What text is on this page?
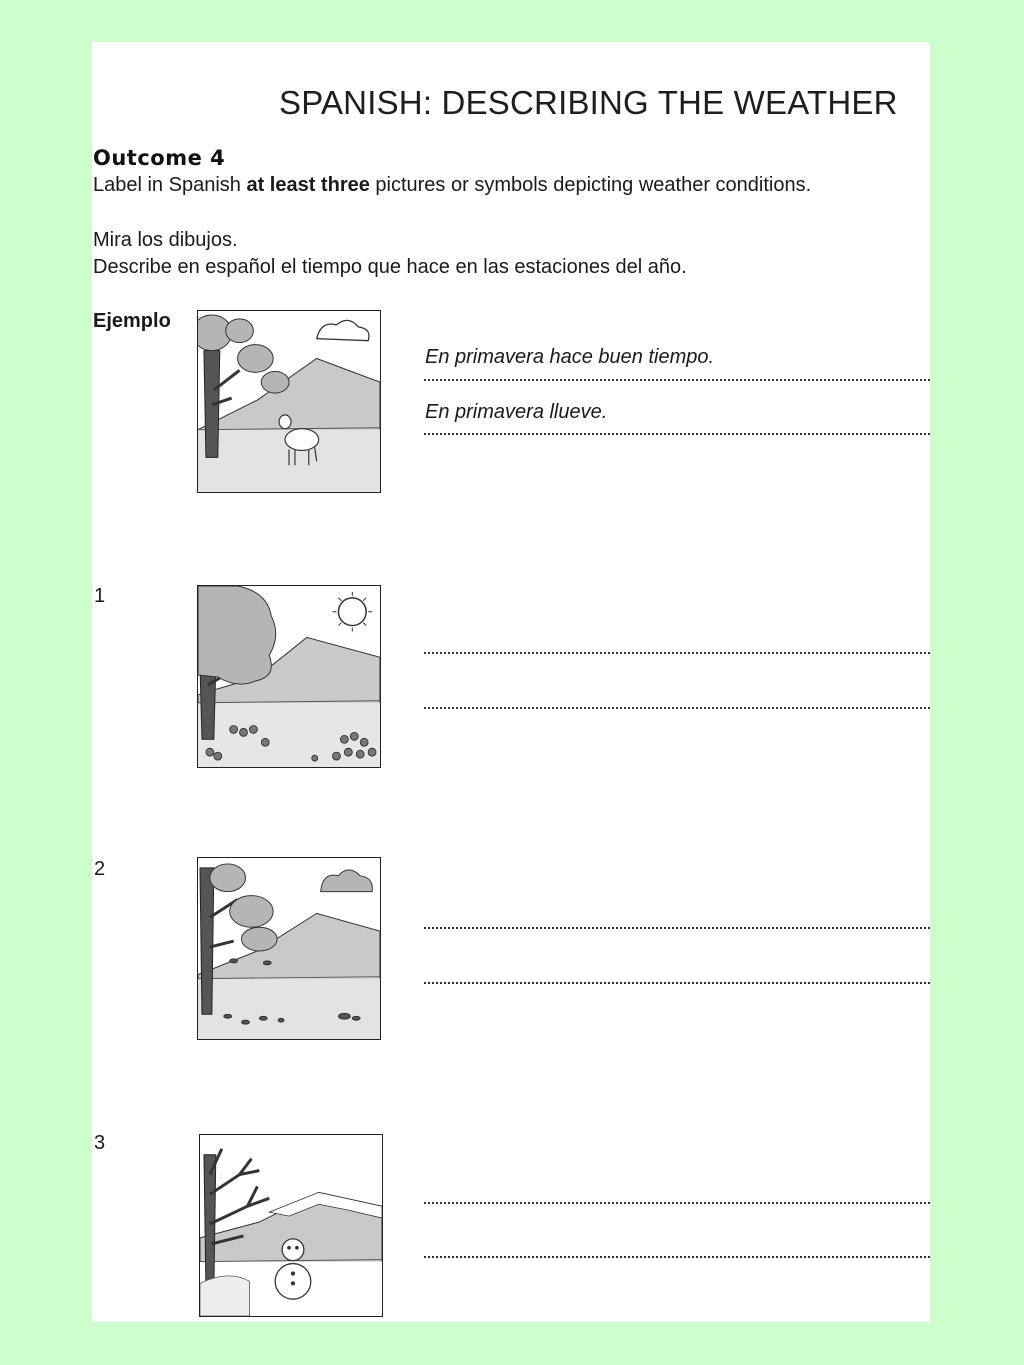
SPANISH: DESCRIBING THE WEATHER
Outcome 4
Label in Spanish at least three pictures or symbols depicting weather conditions.
Mira los dibujos.
Describe en español el tiempo que hace en las estaciones del año.
Ejemplo
En primavera hace buen tiempo.
En primavera llueve.
1
2
3
